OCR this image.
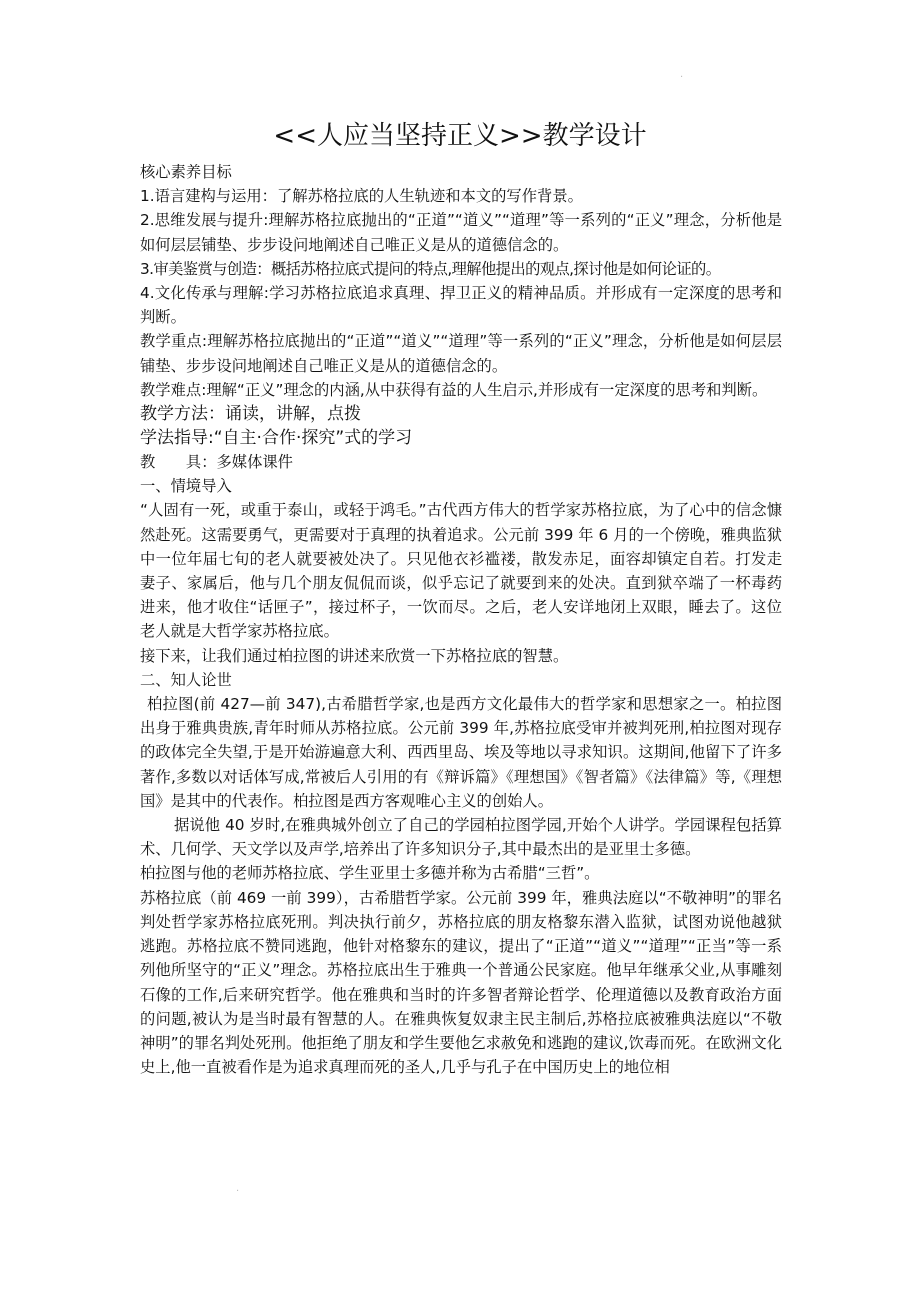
·
<<人应当坚持正义>>教学设计

核心素养目标

1.语言建构与运用：了解苏格拉底的人生轨迹和本文的写作背景。

2.思维发展与提升:理解苏格拉底抛出的“正道”“道义”“道理”等一系列的“正义”理念，分析他是如何层层铺垫、步步设问地阐述自己唯正义是从的道德信念的。

3.审美鉴赏与创造：概括苏格拉底式提问的特点,理解他提出的观点,探讨他是如何论证的。

4.文化传承与理解:学习苏格拉底追求真理、捍卫正义的精神品质。并形成有一定深度的思考和判断。

教学重点:理解苏格拉底抛出的“正道”“道义”“道理”等一系列的“正义”理念，分析他是如何层层铺垫、步步设问地阐述自己唯正义是从的道德信念的。

教学难点:理解“正义”理念的内涵,从中获得有益的人生启示,并形成有一定深度的思考和判断。

教学方法：诵读，讲解，点拨

学法指导:“自主·合作·探究”式的学习

教　　具：多媒体课件

一、情境导入

“人固有一死，或重于泰山，或轻于鸿毛。”古代西方伟大的哲学家苏格拉底，为了心中的信念慷然赴死。这需要勇气，更需要对于真理的执着追求。公元前 399 年 6 月的一个傍晚，雅典监狱中一位年届七旬的老人就要被处决了。只见他衣衫褴褛，散发赤足，面容却镇定自若。打发走妻子、家属后，他与几个朋友侃侃而谈，似乎忘记了就要到来的处决。直到狱卒端了一杯毒药进来，他才收住“话匣子”，接过杯子，一饮而尽。之后，老人安详地闭上双眼，睡去了。这位老人就是大哲学家苏格拉底。

接下来，让我们通过柏拉图的讲述来欣赏一下苏格拉底的智慧。

二、知人论世

柏拉图(前 427—前 347),古希腊哲学家,也是西方文化最伟大的哲学家和思想家之一。柏拉图出身于雅典贵族,青年时师从苏格拉底。公元前 399 年,苏格拉底受审并被判死刑,柏拉图对现存的政体完全失望,于是开始游遍意大利、西西里岛、埃及等地以寻求知识。这期间,他留下了许多著作,多数以对话体写成,常被后人引用的有《辩诉篇》《理想国》《智者篇》《法律篇》等,《理想国》是其中的代表作。柏拉图是西方客观唯心主义的创始人。

据说他 40 岁时,在雅典城外创立了自己的学园柏拉图学园,开始个人讲学。学园课程包括算术、几何学、天文学以及声学,培养出了许多知识分子,其中最杰出的是亚里士多德。

柏拉图与他的老师苏格拉底、学生亚里士多德并称为古希腊“三哲”。

苏格拉底（前 469 一前 399），古希腊哲学家。公元前 399 年，雅典法庭以“不敬神明”的罪名判处哲学家苏格拉底死刑。判决执行前夕，苏格拉底的朋友格黎东潜入监狱，试图劝说他越狱逃跑。苏格拉底不赞同逃跑，他针对格黎东的建议，提出了“正道”“道义”“道理”“正当”等一系列他所坚守的“正义”理念。苏格拉底出生于雅典一个普通公民家庭。他早年继承父业,从事雕刻石像的工作,后来研究哲学。他在雅典和当时的许多智者辩论哲学、伦理道德以及教育政治方面的问题,被认为是当时最有智慧的人。在雅典恢复奴隶主民主制后,苏格拉底被雅典法庭以“不敬神明”的罪名判处死刑。他拒绝了朋友和学生要他乞求赦免和逃跑的建议,饮毒而死。在欧洲文化史上,他一直被看作是为追求真理而死的圣人,几乎与孔子在中国历史上的地位相

·
